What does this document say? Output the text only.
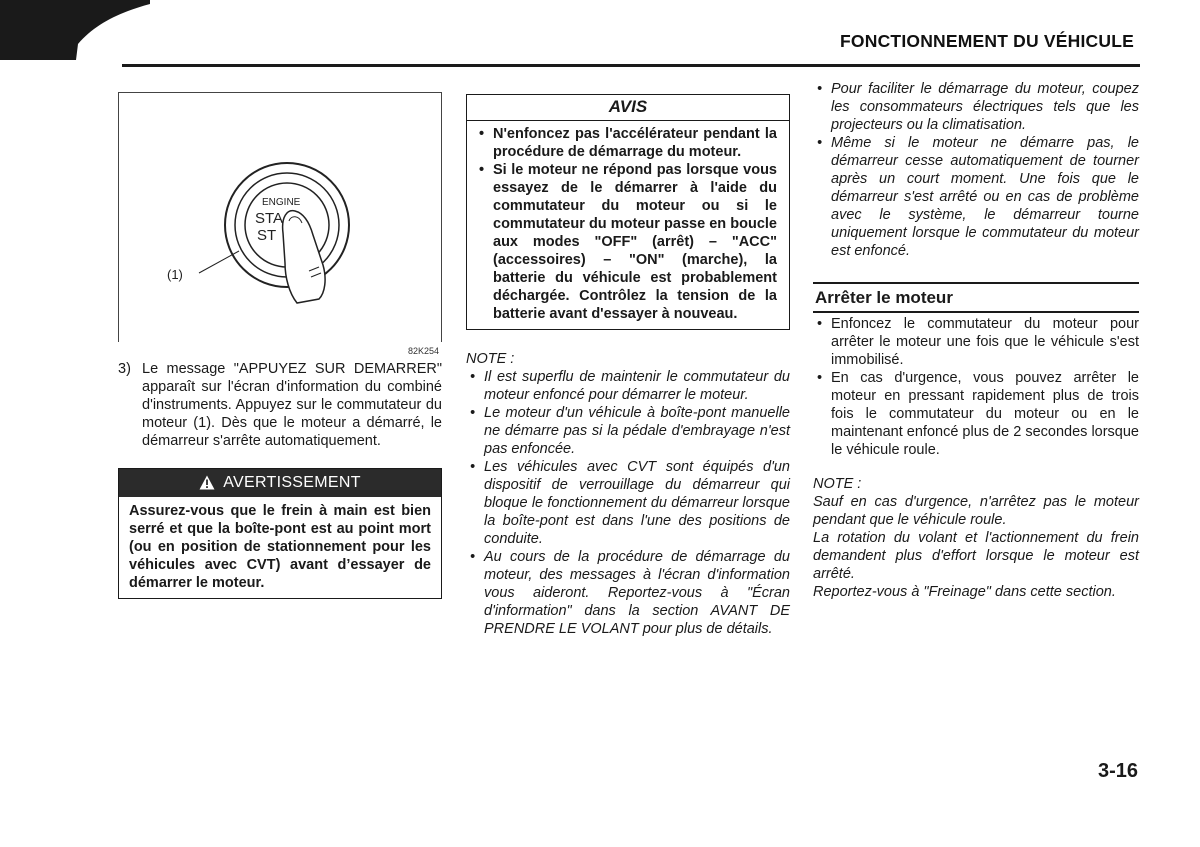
FONCTIONNEMENT DU VÉHICULE
ENGINE
STA
ST
(1)
82K254
3) Le message "APPUYEZ SUR DEMARRER" apparaît sur l'écran d'information du combiné d'instruments. Appuyez sur le commutateur du moteur (1). Dès que le moteur a démarré, le démarreur s'arrête automatiquement.
AVERTISSEMENT
Assurez-vous que le frein à main est bien serré et que la boîte-pont est au point mort (ou en position de stationnement pour les véhicules avec CVT) avant d’essayer de démarrer le moteur.
AVIS
• N'enfoncez pas l'accélérateur pendant la procédure de démarrage du moteur.
• Si le moteur ne répond pas lorsque vous essayez de le démarrer à l'aide du commutateur du moteur ou si le commutateur du moteur passe en boucle aux modes "OFF" (arrêt) – "ACC" (accessoires) – "ON" (marche), la batterie du véhicule est probablement déchargée. Contrôlez la tension de la batterie avant d'essayer à nouveau.
NOTE :
• Il est superflu de maintenir le commutateur du moteur enfoncé pour démarrer le moteur.
• Le moteur d'un véhicule à boîte-pont manuelle ne démarre pas si la pédale d'embrayage n'est pas enfoncée.
• Les véhicules avec CVT sont équipés d'un dispositif de verrouillage du démarreur qui bloque le fonctionnement du démarreur lorsque la boîte-pont est dans l'une des positions de conduite.
• Au cours de la procédure de démarrage du moteur, des messages à l'écran d'information vous aideront. Reportez-vous à "Écran d'information" dans la section AVANT DE PRENDRE LE VOLANT pour plus de détails.
• Pour faciliter le démarrage du moteur, coupez les consommateurs électriques tels que les projecteurs ou la climatisation.
• Même si le moteur ne démarre pas, le démarreur cesse automatiquement de tourner après un court moment. Une fois que le démarreur s'est arrêté ou en cas de problème avec le système, le démarreur tourne uniquement lorsque le commutateur du moteur est enfoncé.
Arrêter le moteur
• Enfoncez le commutateur du moteur pour arrêter le moteur une fois que le véhicule s'est immobilisé.
• En cas d'urgence, vous pouvez arrêter le moteur en pressant rapidement plus de trois fois le commutateur du moteur ou en le maintenant enfoncé plus de 2 secondes lorsque le véhicule roule.
NOTE :
Sauf en cas d'urgence, n'arrêtez pas le moteur pendant que le véhicule roule.
La rotation du volant et l'actionnement du frein demandent plus d'effort lorsque le moteur est arrêté.
Reportez-vous à "Freinage" dans cette section.
3-16
